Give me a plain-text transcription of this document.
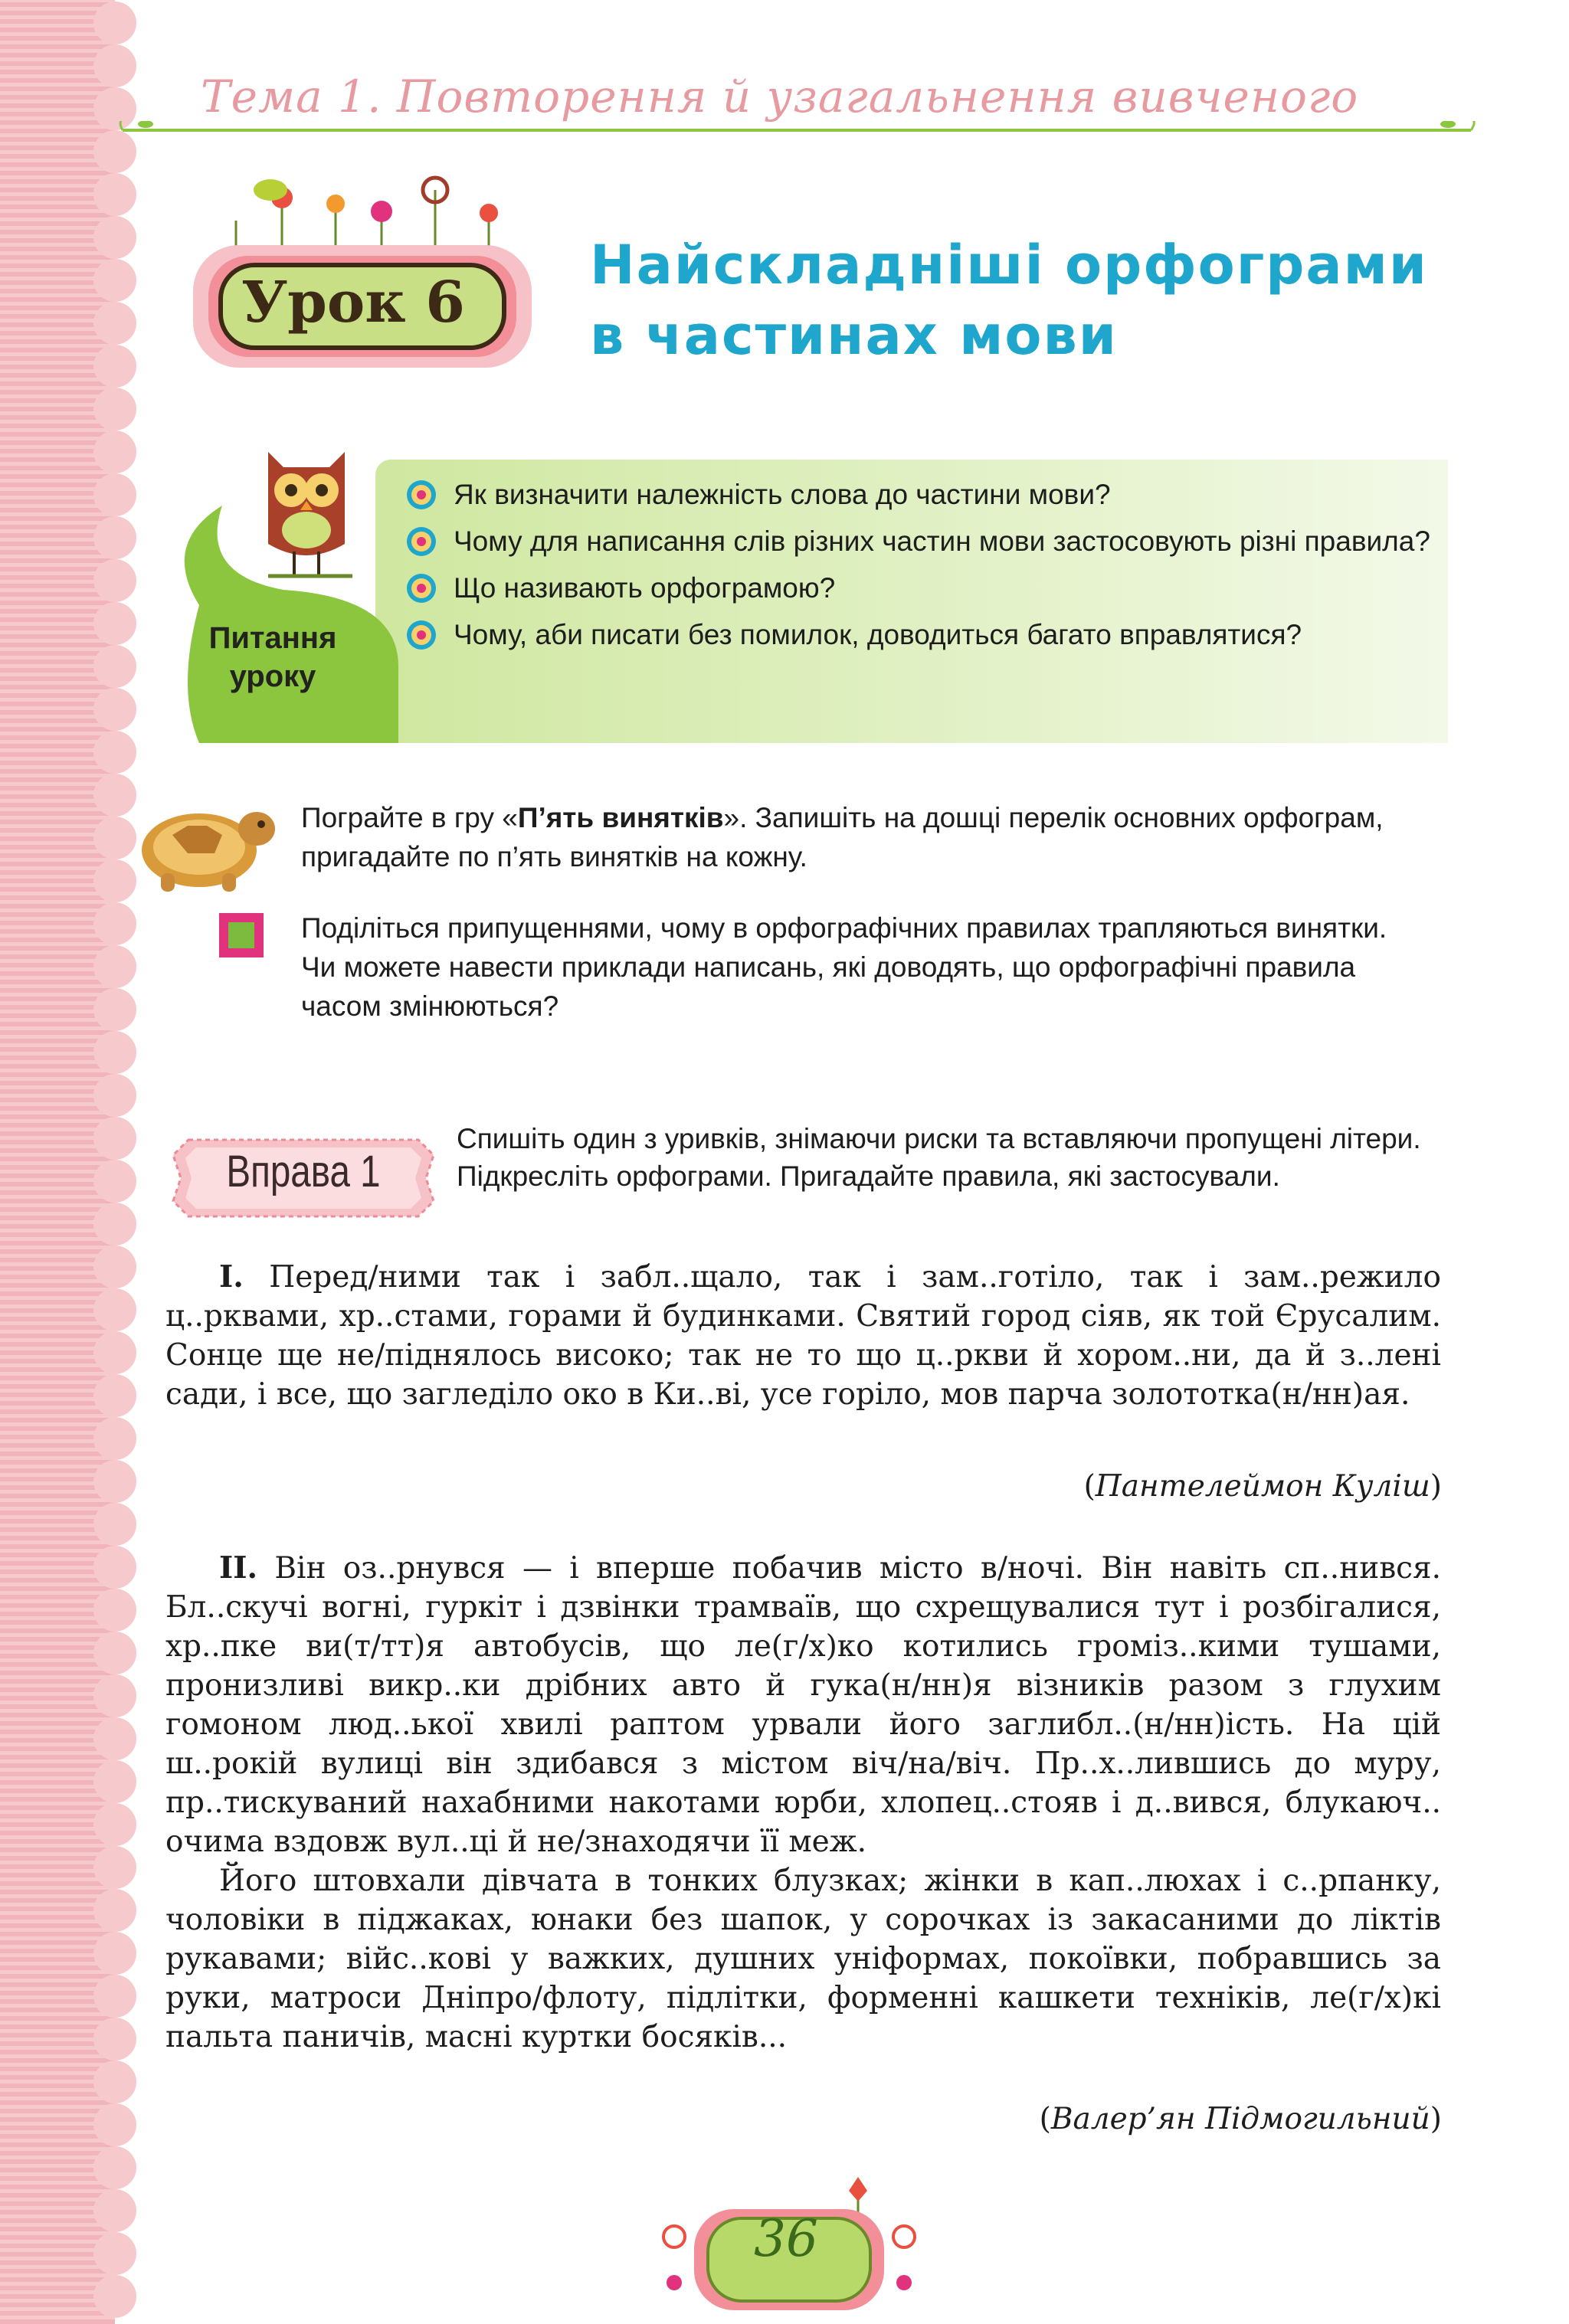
Тема 1. Повторення й узагальнення вивченого
Урок 6
Найскладніші орфограми
в частинах мови
Питання
уроку
Як визначити належність слова до частини мови?
Чому для написання слів різних частин мови застосовують різні правила?
Що називають орфограмою?
Чому, аби писати без помилок, доводиться багато вправлятися?
Пограйте в гру «П’ять винятків». Запишіть на дошці перелік основних орфограм, пригадайте по п’ять винятків на кожну.
Поділіться припущеннями, чому в орфографічних правилах трапляються винятки.
Чи можете навести приклади написань, які доводять, що орфографічні правила часом змінюються?
Вправа 1
Спишіть один з уривків, знімаючи риски та вставляючи пропущені літери. Підкресліть орфограми. Пригадайте правила, які застосували.

І. Перед/ними так і забл..щало, так і зам..готіло, так і зам..режило ц..рквами, хр..стами, горами й будинками. Святий город сіяв, як той Єрусалим. Сонце ще не/піднялось високо; так не то що ц..ркви й хором..ни, да й з..лені сади, і все, що загледіло око в Ки..ві, усе горіло, мов парча золототка(н/нн)ая.

(Пантелеймон Куліш)

ІІ. Він оз..рнувся — і вперше побачив місто в/ночі. Він навіть сп..нився. Бл..скучі вогні, гуркіт і дзвінки трамваїв, що схрещувалися тут і розбігалися, хр..пке ви(т/тт)я автобусів, що ле(г/х)ко котились громіз..кими тушами, пронизливі викр..ки дрібних авто й гука(н/нн)я візників разом з глухим гомоном люд..ької хвилі раптом урвали його заглибл..(н/нн)ість. На цій ш..рокій вулиці він здибався з містом віч/на/віч. Пр..х..лившись до муру, пр..тискуваний нахабними накотами юрби, хлопец..стояв і д..вився, блукаюч.. очима вздовж вул..ці й не/знаходячи її меж.

Його штовхали дівчата в тонких блузках; жінки в кап..люхах і с..рпанку, чоловіки в піджаках, юнаки без шапок, у сорочках із закасаними до ліктів рукавами; війс..кові у важких, душних уніформах, покоївки, побравшись за руки, матроси Дніпро/флоту, підлітки, форменні кашкети техніків, ле(г/х)кі пальта паничів, масні куртки босяків...

(Валер’ян Підмогильний)
36
